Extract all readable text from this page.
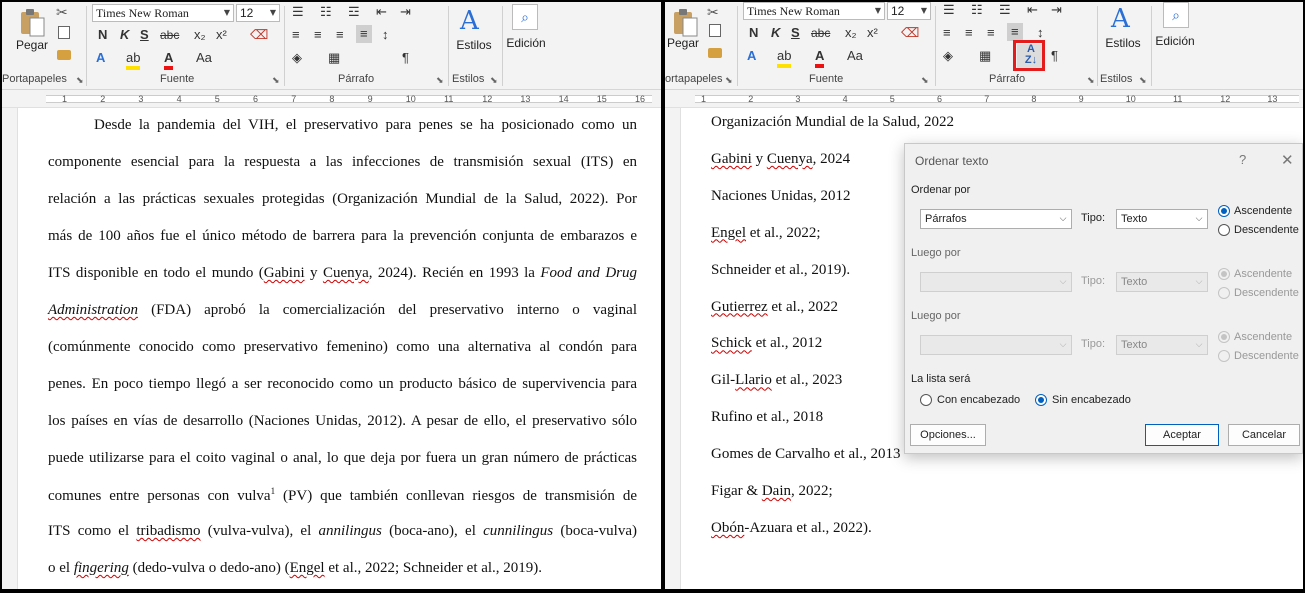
Pegar
✂
Portapapeles ⬊
Times New Roman	▼ 12	▼
N K S abc x₂ x² ⌫
A ab A Aa
Fuente	⬊
☰ ☷ ☲ ⇤ ⇥
≡ ≡ ≡	≡	↕
◈ ▦	¶
Párrafo	⬊
A
Estilos
Estilos ⬊
⌕
Edición
Desde la pandemia del VIH, el preservativo para penes se ha posicionado como un
componente esencial para la respuesta a las infecciones de transmisión sexual (ITS) en
relación a las prácticas sexuales protegidas (Organización Mundial de la Salud, 2022). Por
más de 100 años fue el único método de barrera para la prevención conjunta de embarazos e
ITS disponible en todo el mundo (Gabini y Cuenya, 2024). Recién en 1993 la Food and Drug
Administration (FDA) aprobó la comercialización del preservativo interno o vaginal
(comúnmente conocido como preservativo femenino) como una alternativa al condón para
penes. En poco tiempo llegó a ser reconocido como un producto básico de supervivencia para
los países en vías de desarrollo (Naciones Unidas, 2012). A pesar de ello, el preservativo sólo
puede utilizarse para el coito vaginal o anal, lo que deja por fuera un gran número de prácticas
comunes entre personas con vulva$^1$ (PV) que también conllevan riesgos de transmisión de
ITS como el tribadismo (vulva-vulva), el annilingus (boca-ano), el cunnilingus (boca-vulva)
o el fingering (dedo-vulva o dedo-ano) (Engel et al., 2022; Schneider et al., 2019).
1	2	3	4	5	6	7	8	9	10	11	12	13	14	15	16
Pegar
✂
ortapapeles ⬊
Times New Roman	▼ 12	▼
N K S abc x₂ x² ⌫
A ab A Aa
Fuente	⬊
☰ ☷ ☲ ⇤ ⇥
≡ ≡ ≡	≡	↕
◈ ▦	A
Z↓	¶
Párrafo	⬊
A
Estilos
Estilos ⬊
⌕
Edición
Organización Mundial de la Salud, 2022
Gabini y Cuenya, 2024
Naciones Unidas, 2012
Engel et al., 2022;
Schneider et al., 2019).
Gutierrez et al., 2022
Schick et al., 2012
Gil-Llario et al., 2023
Rufino et al., 2018
Gomes de Carvalho et al., 2013
Figar & Dain, 2022;
Obón-Azuara et al., 2022).
Ordenar texto	? ✕
Ordenar por
Párrafos	⌵ Tipo:	Texto	⌵
Ascendente
Descendente
Luego por
⌵ Tipo:	Texto	⌵
Ascendente
Descendente
Luego por
⌵ Tipo:	Texto	⌵
Ascendente
Descendente
La lista será
Con encabezado	Sin encabezado
Opciones...	Aceptar	Cancelar
1	2	3	4	5	6	7	8	9	10	11	12	13
